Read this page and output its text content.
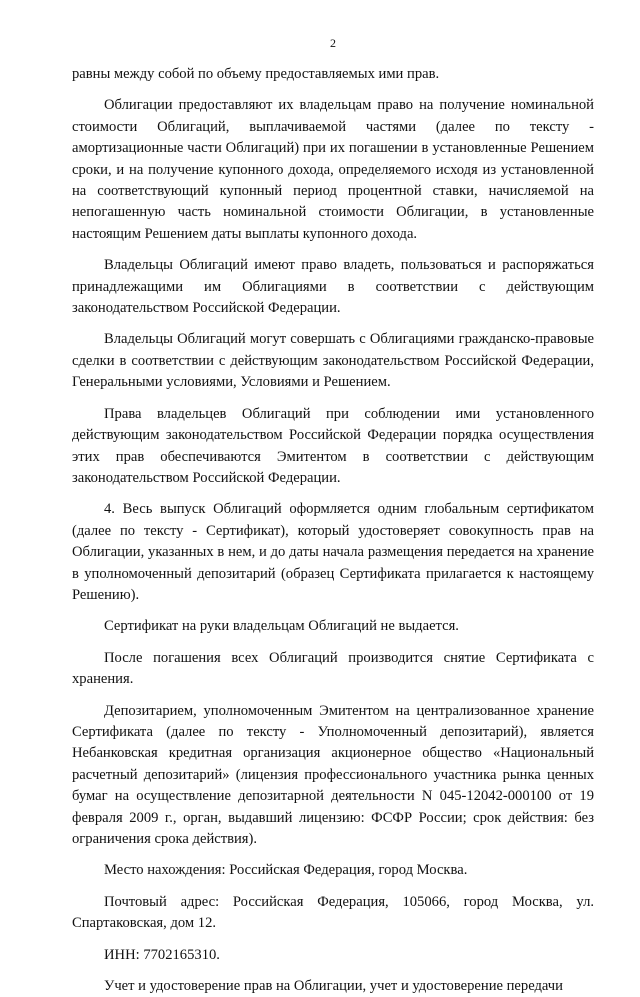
2

равны между собой по объему предоставляемых ими прав.

Облигации предоставляют их владельцам право на получение номинальной стоимости Облигаций, выплачиваемой частями (далее по тексту - амортизационные части Облигаций) при их погашении в установленные Решением сроки, и на получение купонного дохода, определяемого исходя из установленной на соответствующий купонный период процентной ставки, начисляемой на непогашенную часть номинальной стоимости Облигации, в установленные настоящим Решением даты выплаты купонного дохода.

Владельцы Облигаций имеют право владеть, пользоваться и распоряжаться принадлежащими им Облигациями в соответствии с действующим законодательством Российской Федерации.

Владельцы Облигаций могут совершать с Облигациями гражданско-правовые сделки в соответствии с действующим законодательством Российской Федерации, Генеральными условиями, Условиями и Решением.

Права владельцев Облигаций при соблюдении ими установленного действующим законодательством Российской Федерации порядка осуществления этих прав обеспечиваются Эмитентом в соответствии с действующим законодательством Российской Федерации.

4. Весь выпуск Облигаций оформляется одним глобальным сертификатом (далее по тексту - Сертификат), который удостоверяет совокупность прав на Облигации, указанных в нем, и до даты начала размещения передается на хранение в уполномоченный депозитарий (образец Сертификата прилагается к настоящему Решению).

Сертификат на руки владельцам Облигаций не выдается.

После погашения всех Облигаций производится снятие Сертификата с хранения.

Депозитарием, уполномоченным Эмитентом на централизованное хранение Сертификата (далее по тексту - Уполномоченный депозитарий), является Небанковская кредитная организация акционерное общество «Национальный расчетный депозитарий» (лицензия профессионального участника рынка ценных бумаг на осуществление депозитарной деятельности N 045-12042-000100 от 19 февраля 2009 г., орган, выдавший лицензию: ФСФР России; срок действия: без ограничения срока действия).

Место нахождения: Российская Федерация, город Москва.

Почтовый адрес: Российская Федерация, 105066, город Москва, ул. Спартаковская, дом 12.

ИНН: 7702165310.

Учет и удостоверение прав на Облигации, учет и удостоверение передачи
